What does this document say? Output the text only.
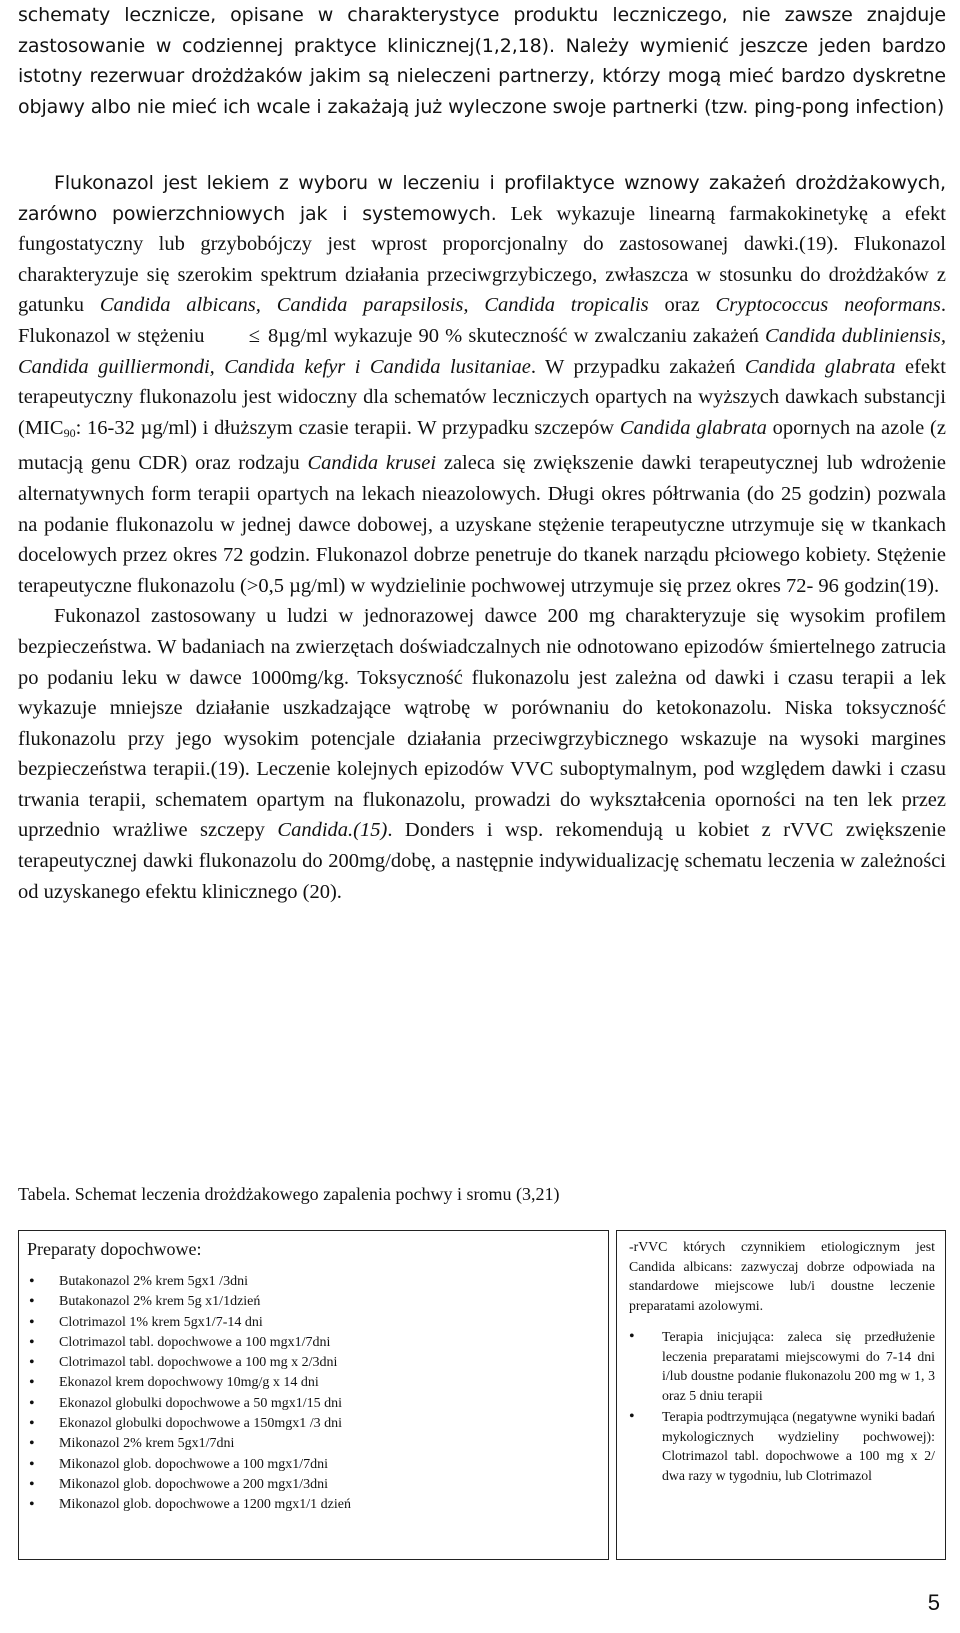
schematy lecznicze, opisane w charakterystyce produktu leczniczego, nie zawsze znajduje zastosowanie w codziennej praktyce klinicznej(1,2,18). Należy wymienić jeszcze jeden bardzo istotny rezerwuar drożdżaków jakim są nieleczeni partnerzy, którzy mogą mieć bardzo dyskretne objawy albo nie mieć ich wcale i zakażają już wyleczone swoje partnerki (tzw. ping-pong infection)

Flukonazol jest lekiem z wyboru w leczeniu i profilaktyce wznowy zakażeń drożdżakowych, zarówno powierzchniowych jak i systemowych. Lek wykazuje linearną farmakokinetykę a efekt fungostatyczny lub grzybobójczy jest wprost proporcjonalny do zastosowanej dawki.(19). Flukonazol charakteryzuje się szerokim spektrum działania przeciwgrzybiczego, zwłaszcza w stosunku do drożdżaków z gatunku Candida albicans, Candida parapsilosis, Candida tropicalis oraz Cryptococcus neoformans. Flukonazol w stężeniu ≤ 8µg/ml wykazuje 90 % skuteczność w zwalczaniu zakażeń Candida dubliniensis, Candida guilliermondi, Candida kefyr i Candida lusitaniae. W przypadku zakażeń Candida glabrata efekt terapeutyczny flukonazolu jest widoczny dla schematów leczniczych opartych na wyższych dawkach substancji ($MIC_{90}$: 16-32 µg/ml) i dłuższym czasie terapii. W przypadku szczepów Candida glabrata opornych na azole (z mutacją genu CDR) oraz rodzaju Candida krusei zaleca się zwiększenie dawki terapeutycznej lub wdrożenie alternatywnych form terapii opartych na lekach nieazolowych. Długi okres półtrwania (do 25 godzin) pozwala na podanie flukonazolu w jednej dawce dobowej, a uzyskane stężenie terapeutyczne utrzymuje się w tkankach docelowych przez okres 72 godzin. Flukonazol dobrze penetruje do tkanek narządu płciowego kobiety. Stężenie terapeutyczne flukonazolu (>0,5 µg/ml) w wydzielinie pochwowej utrzymuje się przez okres 72- 96 godzin(19).

Fukonazol zastosowany u ludzi w jednorazowej dawce 200 mg charakteryzuje się wysokim profilem bezpieczeństwa. W badaniach na zwierzętach doświadczalnych nie odnotowano epizodów śmiertelnego zatrucia po podaniu leku w dawce 1000mg/kg. Toksyczność flukonazolu jest zależna od dawki i czasu terapii a lek wykazuje mniejsze działanie uszkadzające wątrobę w porównaniu do ketokonazolu. Niska toksyczność flukonazolu przy jego wysokim potencjale działania przeciwgrzybicznego wskazuje na wysoki margines bezpieczeństwa terapii.(19). Leczenie kolejnych epizodów VVC suboptymalnym, pod względem dawki i czasu trwania terapii, schematem opartym na flukonazolu, prowadzi do wykształcenia oporności na ten lek przez uprzednio wrażliwe szczepy Candida.(15). Donders i wsp. rekomendują u kobiet z rVVC zwiększenie terapeutycznej dawki flukonazolu do 200mg/dobę, a następnie indywidualizację schematu leczenia w zależności od uzyskanego efektu klinicznego (20).

Tabela. Schemat leczenia drożdżakowego zapalenia pochwy i sromu (3,21)
Preparaty dopochwowe:
• Butakonazol 2% krem 5gx1 /3dni
• Butakonazol 2% krem 5g x1/1dzień
• Clotrimazol 1% krem 5gx1/7-14 dni
• Clotrimazol tabl. dopochwowe a 100 mgx1/7dni
• Clotrimazol tabl. dopochwowe a 100 mg x 2/3dni
• Ekonazol krem dopochwowy 10mg/g x 14 dni
• Ekonazol globulki dopochwowe a 50 mgx1/15 dni
• Ekonazol globulki dopochwowe a 150mgx1 /3 dni
• Mikonazol 2% krem 5gx1/7dni
• Mikonazol glob. dopochwowe a 100 mgx1/7dni
• Mikonazol glob. dopochwowe a 200 mgx1/3dni
• Mikonazol glob. dopochwowe a 1200 mgx1/1 dzień
-rVVC których czynnikiem etiologicznym jest Candida albicans: zazwyczaj dobrze odpowiada na standardowe miejscowe lub/i doustne leczenie preparatami azolowymi.
• Terapia inicjująca: zaleca się przedłużenie leczenia preparatami miejscowymi do 7-14 dni i/lub doustne podanie flukonazolu 200 mg w 1, 3 oraz 5 dniu terapii
• Terapia podtrzymująca (negatywne wyniki badań mykologicznych wydzieliny pochwowej): Clotrimazol tabl. dopochwowe a 100 mg x 2/ dwa razy w tygodniu, lub Clotrimazol
5
